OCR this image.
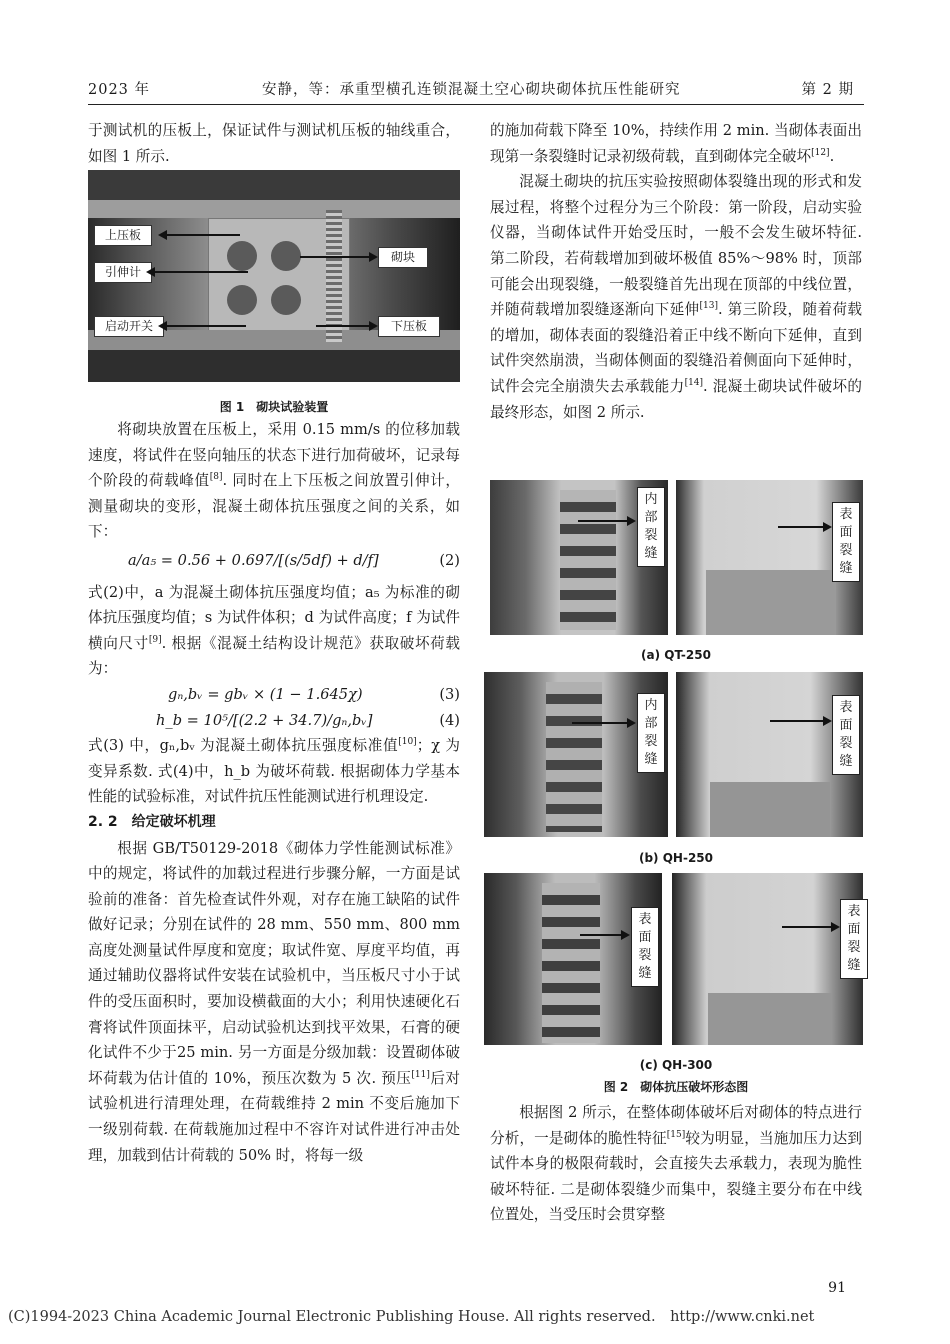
2023 年	安静，等：承重型横孔连锁混凝土空心砌块砌体抗压性能研究	第 2 期

于测试机的压板上，保证试件与测试机压板的轴线重合，如图 1 所示.

上压板
引伸计
启动开关
砌块
下压板
图 1　砌块试验装置

将砌块放置在压板上，采用 0.15 mm/s 的位移加载速度，将试件在竖向轴压的状态下进行加荷破坏，记录每个阶段的荷载峰值[8]. 同时在上下压板之间放置引伸计，测量砌块的变形，混凝土砌体抗压强度之间的关系，如下：

a/a₅ = 0.56 + 0.697/[(s/5df) + d/f]	(2)

式(2)中，a 为混凝土砌体抗压强度均值；a₅ 为标准的砌体抗压强度均值；s 为试件体积；d 为试件高度；f 为试件横向尺寸[9]. 根据《混凝土结构设计规范》获取破坏荷载为：

gₙ,bᵥ = gbᵥ × (1 − 1.645χ)	(3)
h_b = 10⁵/[(2.2 + 34.7)/gₙ,bᵥ]	(4)

式(3) 中，gₙ,bᵥ 为混凝土砌体抗压强度标准值[10]；χ 为变异系数. 式(4)中，h_b 为破坏荷载. 根据砌体力学基本性能的试验标准，对试件抗压性能测试进行机理设定.

2. 2　给定破坏机理

根据 GB/T50129-2018《砌体力学性能测试标准》中的规定，将试件的加载过程进行步骤分解，一方面是试验前的准备：首先检查试件外观，对存在施工缺陷的试件做好记录；分别在试件的 28 mm、550 mm、800 mm 高度处测量试件厚度和宽度；取试件宽、厚度平均值，再通过辅助仪器将试件安装在试验机中，当压板尺寸小于试件的受压面积时，要加设横截面的大小；利用快速硬化石膏将试件顶面抹平，启动试验机达到找平效果，石膏的硬化试件不少于25 min. 另一方面是分级加载：设置砌体破坏荷载为估计值的 10%，预压次数为 5 次. 预压[11]后对试验机进行清理处理，在荷载维持 2 min 不变后施加下一级别荷载. 在荷载施加过程中不容许对试件进行冲击处理，加载到估计荷载的 50% 时，将每一级

的施加荷载下降至 10%，持续作用 2 min. 当砌体表面出现第一条裂缝时记录初级荷载，直到砌体完全破坏[12].

混凝土砌块的抗压实验按照砌体裂缝出现的形式和发展过程，将整个过程分为三个阶段：第一阶段，启动实验仪器，当砌体试件开始受压时，一般不会发生破坏特征. 第二阶段，若荷载增加到破坏极值 85%～98% 时，顶部可能会出现裂缝，一般裂缝首先出现在顶部的中线位置，并随荷载增加裂缝逐渐向下延伸[13]. 第三阶段，随着荷载的增加，砌体表面的裂缝沿着正中线不断向下延伸，直到试件突然崩溃，当砌体侧面的裂缝沿着侧面向下延伸时，试件会完全崩溃失去承载能力[14]. 混凝土砌块试件破坏的最终形态，如图 2 所示.

内部裂缝
表面裂缝
(a) QT-250
内部裂缝
表面裂缝
(b) QH-250
表面裂缝
表面裂缝
(c) QH-300
图 2　砌体抗压破坏形态图

根据图 2 所示，在整体砌体破坏后对砌体的特点进行分析，一是砌体的脆性特征[15]较为明显，当施加压力达到试件本身的极限荷载时，会直接失去承载力，表现为脆性破坏特征. 二是砌体裂缝少而集中，裂缝主要分布在中线位置处，当受压时会贯穿整

91
(C)1994-2023 China Academic Journal Electronic Publishing House. All rights reserved.　http://www.cnki.net
